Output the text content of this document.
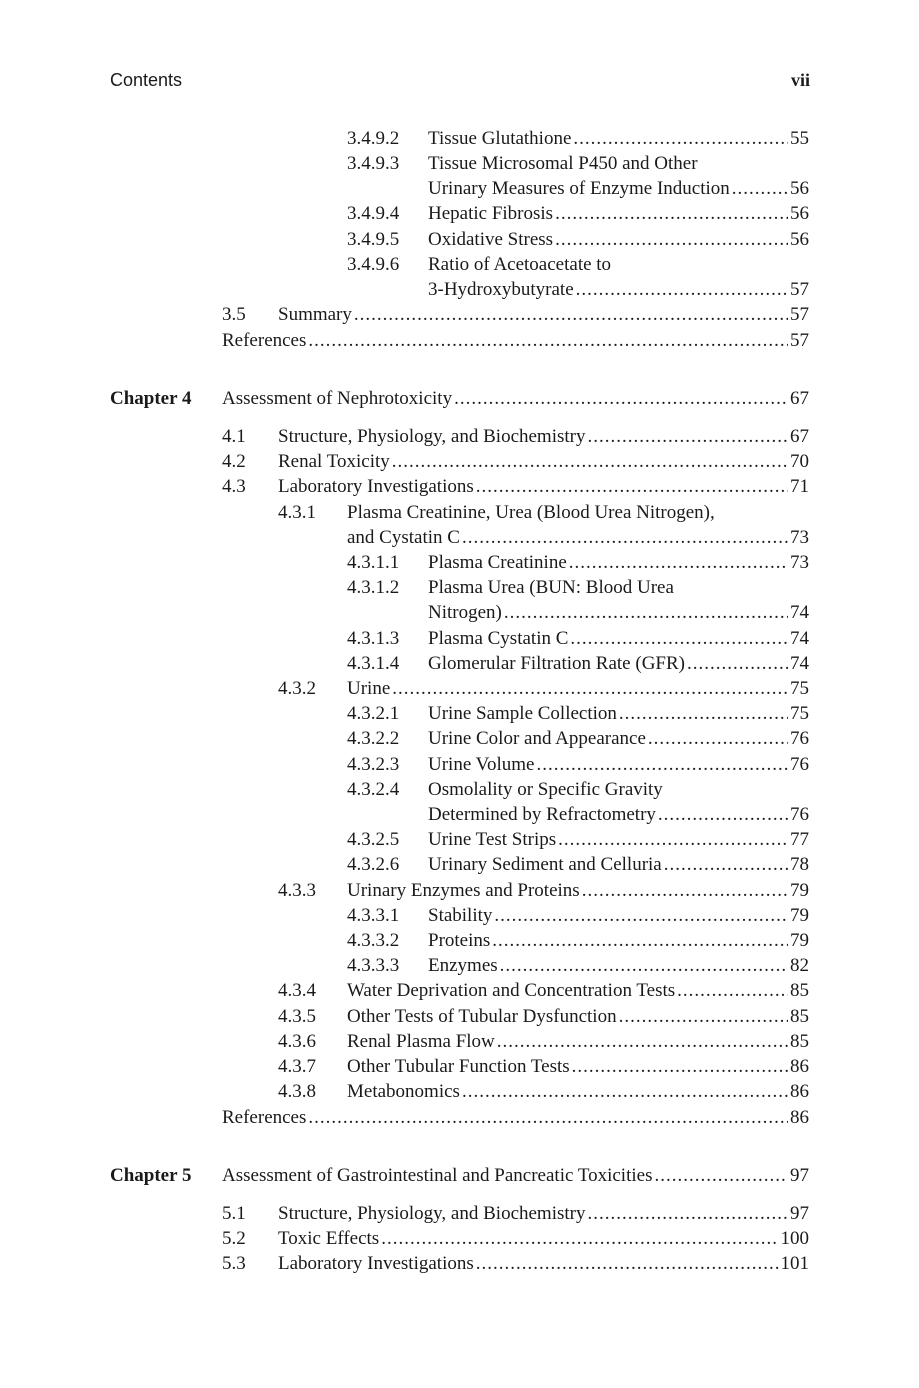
Contents	vii
3.4.9.2 Tissue Glutathione .....	55
3.4.9.3 Tissue Microsomal P450 and Other
Urinary Measures of Enzyme Induction .....	56
3.4.9.4 Hepatic Fibrosis .....	56
3.4.9.5 Oxidative Stress .....	56
3.4.9.6 Ratio of Acetoacetate to
3-Hydroxybutyrate .....	57
3.5 Summary .....	57
References .....	57
Chapter 4 Assessment of Nephrotoxicity .....	67
4.1 Structure, Physiology, and Biochemistry .....	67
4.2 Renal Toxicity .....	70
4.3 Laboratory Investigations .....	71
4.3.1 Plasma Creatinine, Urea (Blood Urea Nitrogen),
and Cystatin C .....	73
4.3.1.1 Plasma Creatinine .....	73
4.3.1.2 Plasma Urea (BUN: Blood Urea
Nitrogen) .....	74
4.3.1.3 Plasma Cystatin C .....	74
4.3.1.4 Glomerular Filtration Rate (GFR) .....	74
4.3.2 Urine .....	75
4.3.2.1 Urine Sample Collection .....	75
4.3.2.2 Urine Color and Appearance .....	76
4.3.2.3 Urine Volume .....	76
4.3.2.4 Osmolality or Specific Gravity
Determined by Refractometry .....	76
4.3.2.5 Urine Test Strips .....	77
4.3.2.6 Urinary Sediment and Celluria .....	78
4.3.3 Urinary Enzymes and Proteins .....	79
4.3.3.1 Stability .....	79
4.3.3.2 Proteins .....	79
4.3.3.3 Enzymes .....	82
4.3.4 Water Deprivation and Concentration Tests .....	85
4.3.5 Other Tests of Tubular Dysfunction .....	85
4.3.6 Renal Plasma Flow .....	85
4.3.7 Other Tubular Function Tests .....	86
4.3.8 Metabonomics .....	86
References .....	86
Chapter 5 Assessment of Gastrointestinal and Pancreatic Toxicities .....	97
5.1 Structure, Physiology, and Biochemistry .....	97
5.2 Toxic Effects .....	100
5.3 Laboratory Investigations .....	101
